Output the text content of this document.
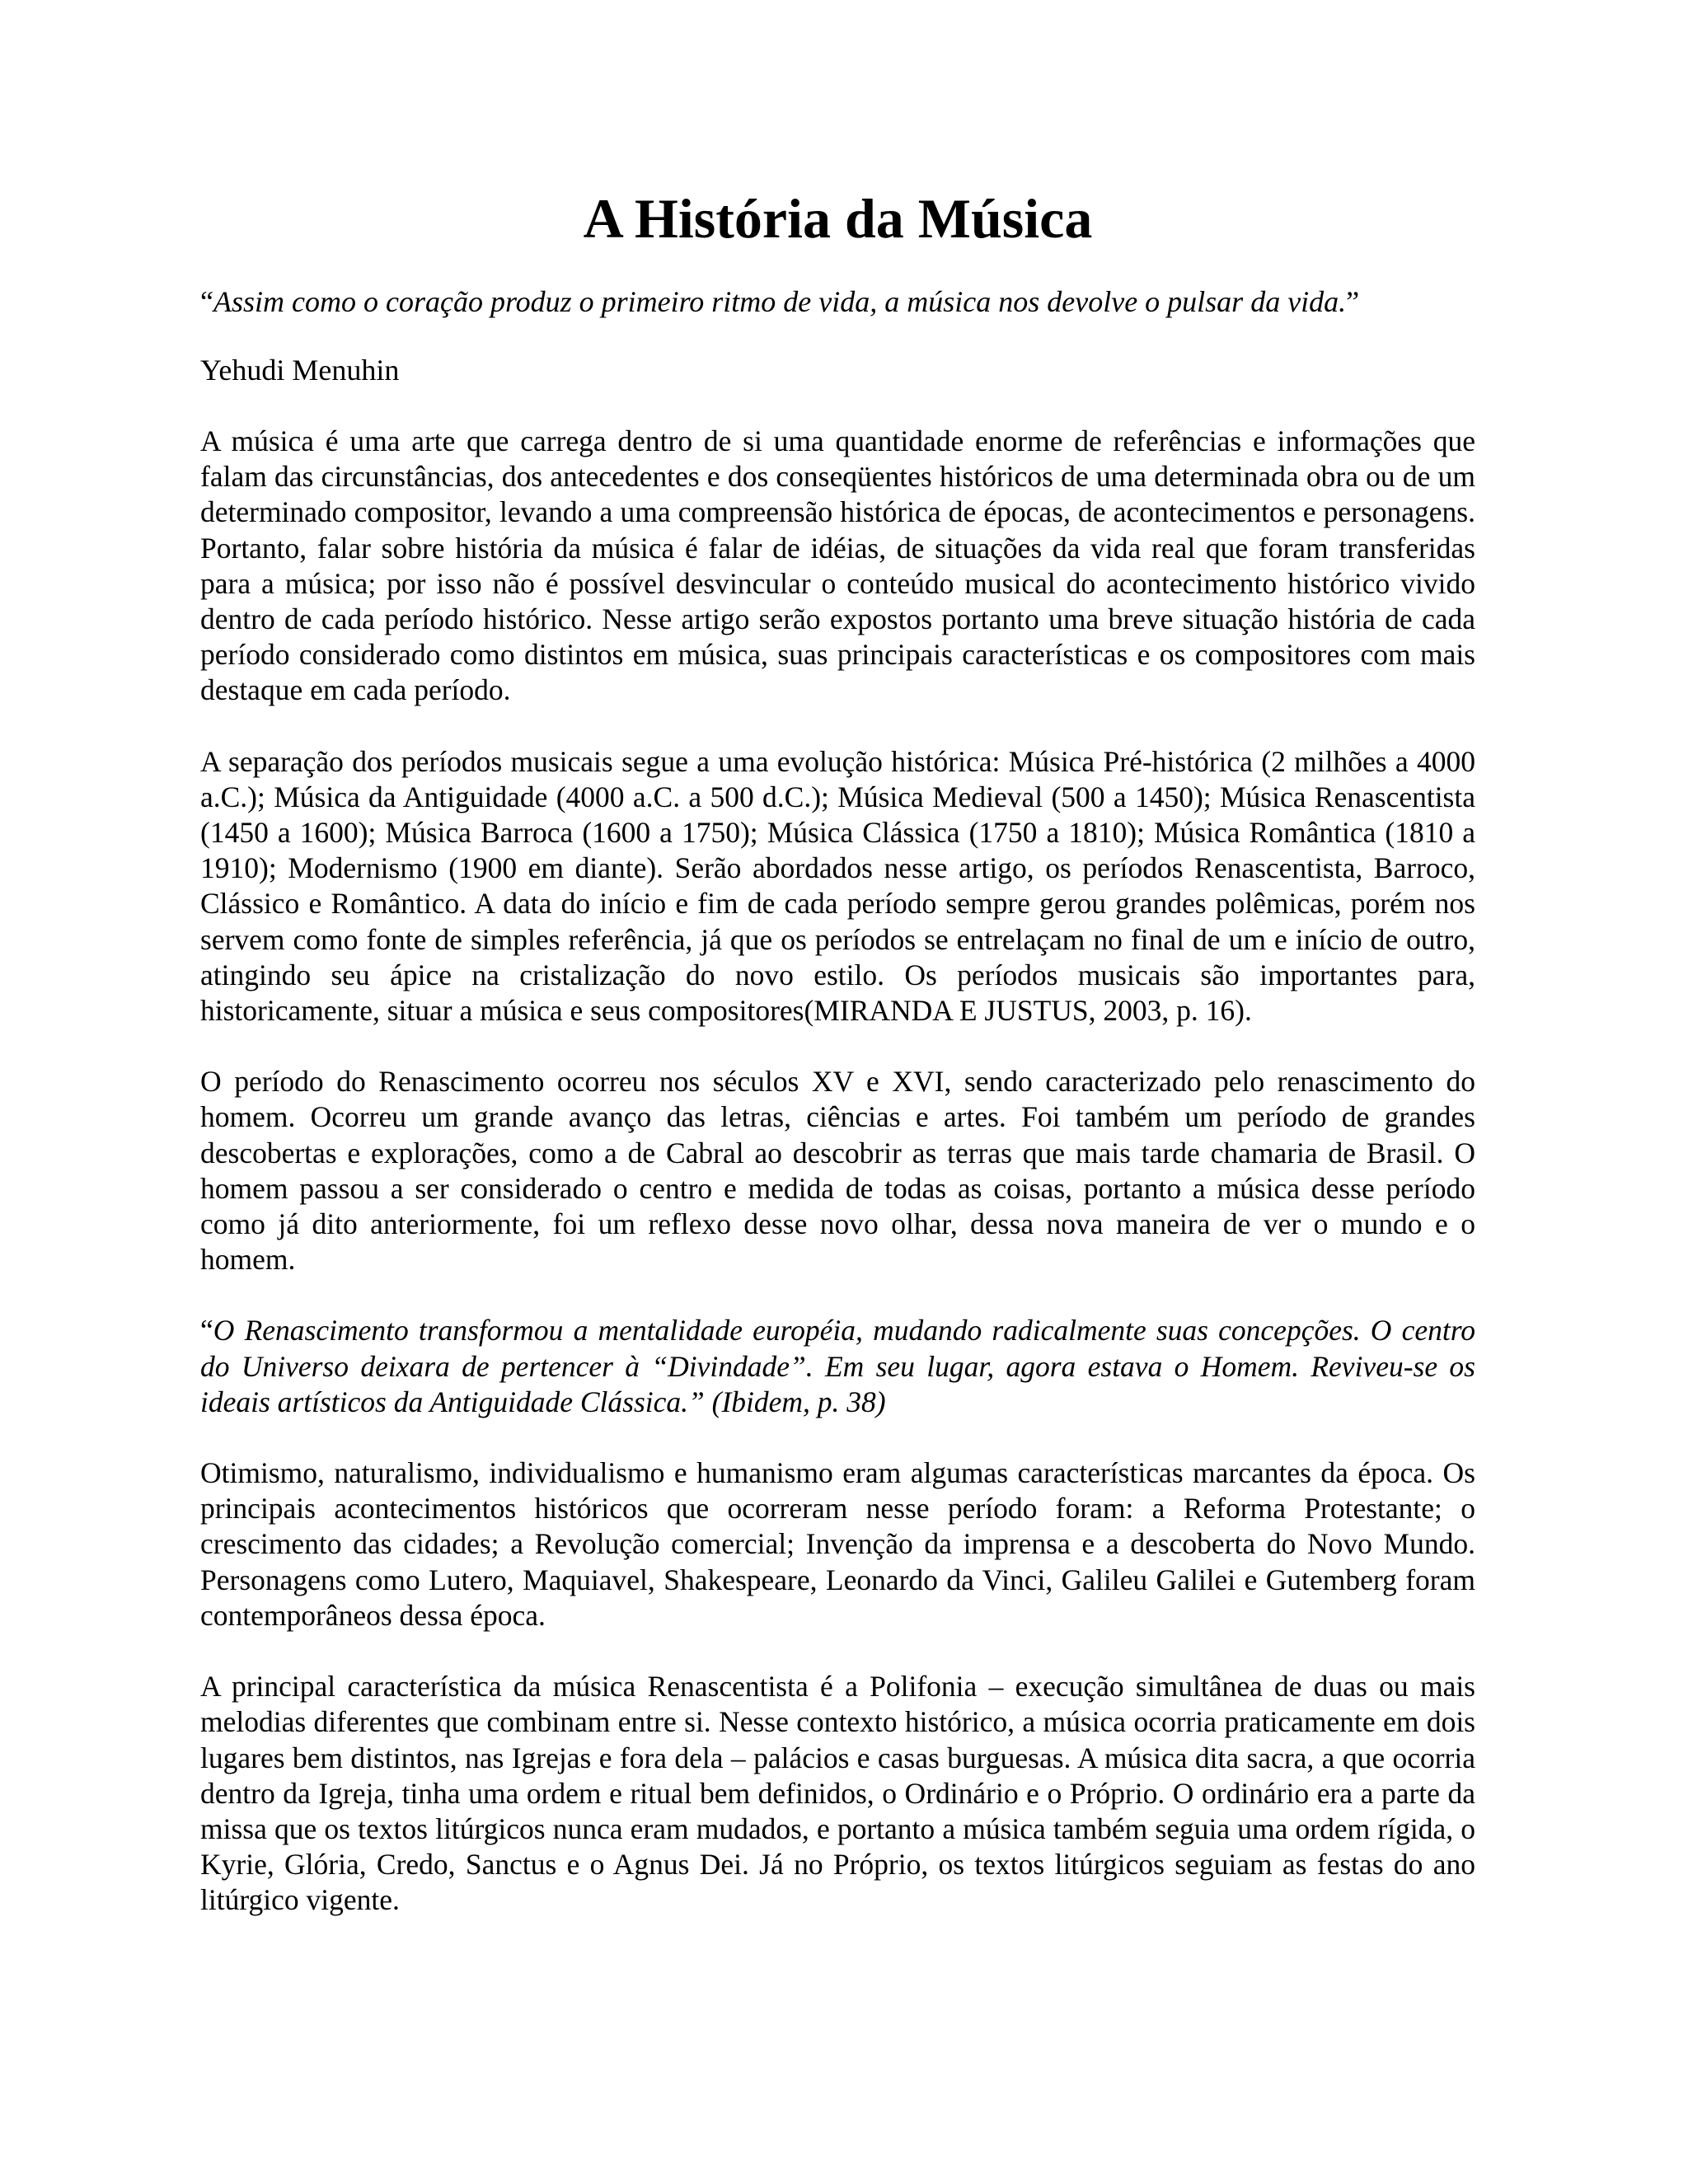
A História da Música
“Assim como o coração produz o primeiro ritmo de vida, a música nos devolve o pulsar da vida.”
Yehudi Menuhin

A música é uma arte que carrega dentro de si uma quantidade enorme de referências e informações que falam das circunstâncias, dos antecedentes e dos conseqüentes históricos de uma determinada obra ou de um determinado compositor, levando a uma compreensão histórica de épocas, de acontecimentos e personagens. Portanto, falar sobre história da música é falar de idéias, de situações da vida real que foram transferidas para a música; por isso não é possível desvincular o conteúdo musical do acontecimento histórico vivido dentro de cada período histórico. Nesse artigo serão expostos portanto uma breve situação história de cada período considerado como distintos em música, suas principais características e os compositores com mais destaque em cada período.

A separação dos períodos musicais segue a uma evolução histórica: Música Pré-histórica (2 milhões a 4000 a.C.); Música da Antiguidade (4000 a.C. a 500 d.C.); Música Medieval (500 a 1450); Música Renascentista (1450 a 1600); Música Barroca (1600 a 1750); Música Clássica (1750 a 1810); Música Romântica (1810 a 1910); Modernismo (1900 em diante). Serão abordados nesse artigo, os períodos Renascentista, Barroco, Clássico e Romântico. A data do início e fim de cada período sempre gerou grandes polêmicas, porém nos servem como fonte de simples referência, já que os períodos se entrelaçam no final de um e início de outro, atingindo seu ápice na cristalização do novo estilo. Os períodos musicais são importantes para, historicamente, situar a música e seus compositores(MIRANDA E JUSTUS, 2003, p. 16).

O período do Renascimento ocorreu nos séculos XV e XVI, sendo caracterizado pelo renascimento do homem. Ocorreu um grande avanço das letras, ciências e artes. Foi também um período de grandes descobertas e explorações, como a de Cabral ao descobrir as terras que mais tarde chamaria de Brasil. O homem passou a ser considerado o centro e medida de todas as coisas, portanto a música desse período como já dito anteriormente, foi um reflexo desse novo olhar, dessa nova maneira de ver o mundo e o homem.

“O Renascimento transformou a mentalidade européia, mudando radicalmente suas concepções. O centro do Universo deixara de pertencer à “Divindade”. Em seu lugar, agora estava o Homem. Reviveu-se os ideais artísticos da Antiguidade Clássica.” (Ibidem, p. 38)

Otimismo, naturalismo, individualismo e humanismo eram algumas características marcantes da época. Os principais acontecimentos históricos que ocorreram nesse período foram: a Reforma Protestante; o crescimento das cidades; a Revolução comercial; Invenção da imprensa e a descoberta do Novo Mundo. Personagens como Lutero, Maquiavel, Shakespeare, Leonardo da Vinci, Galileu Galilei e Gutemberg foram contemporâneos dessa época.

A principal característica da música Renascentista é a Polifonia – execução simultânea de duas ou mais melodias diferentes que combinam entre si. Nesse contexto histórico, a música ocorria praticamente em dois lugares bem distintos, nas Igrejas e fora dela – palácios e casas burguesas. A música dita sacra, a que ocorria dentro da Igreja, tinha uma ordem e ritual bem definidos, o Ordinário e o Próprio. O ordinário era a parte da missa que os textos litúrgicos nunca eram mudados, e portanto a música também seguia uma ordem rígida, o Kyrie, Glória, Credo, Sanctus e o Agnus Dei. Já no Próprio, os textos litúrgicos seguiam as festas do ano litúrgico vigente.
